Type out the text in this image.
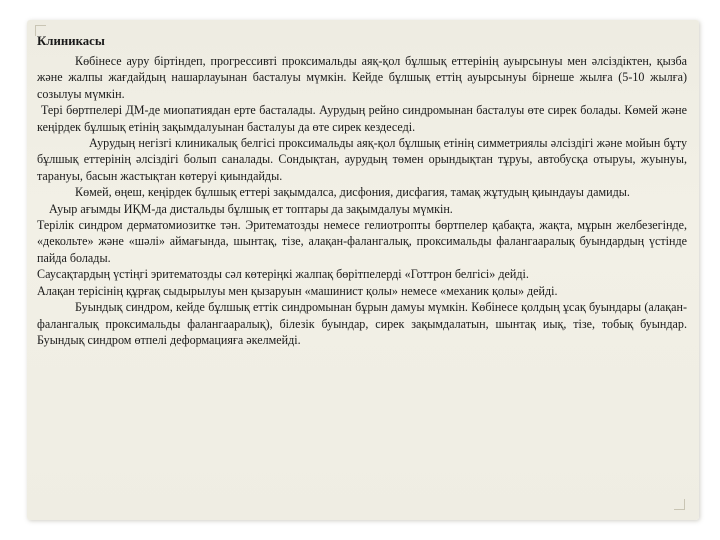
Клиникасы

Көбінесе ауру біртіндеп, прогрессивті проксимальды аяқ-қол бұлшық еттерінің ауырсынуы мен әлсіздіктен, қызба және жалпы жағдайдың нашарлауынан басталуы мүмкін. Кейде бұлшық еттің ауырсынуы бірнеше жылға (5-10 жылға) созылуы мүмкін.

Тері бөртпелері ДМ-де миопатиядан ерте басталады. Аурудың рейно синдромынан басталуы өте сирек болады. Көмей және кеңірдек бұлшық етінің зақымдалуынан басталуы да өте сирек кездеседі.

Аурудың негізгі клиникалық белгісі проксимальды аяқ-қол бұлшық етінің симметриялы әлсіздігі және мойын бұту бұлшық еттерінің әлсіздігі болып саналады. Сондықтан, аурудың төмен орындықтан тұруы, автобусқа отыруы, жуынуы, тарануы, басын жастықтан көтеруі қиындайды.

Көмей, өңеш, кеңірдек бұлшық еттері зақымдалса, дисфония, дисфагия, тамақ жұтудың қиындауы дамиды.

Ауыр ағымды ИҚМ-да дистальды бұлшық ет топтары да зақымдалуы мүмкін.

Терілік синдром дерматомиозитке тән. Эритематозды немесе гелиотропты бөртпелер қабақта, жақта, мұрын желбезегінде, «декольте» және «шәлі» аймағында, шынтақ, тізе, алақан-фалангалық, проксимальды фалангааралық буындардың үстінде пайда болады.

Саусақтардың үстіңгі эритематозды сәл көтеріңкі жалпақ бөрітпелерді «Готтрон белгісі» дейді.

Алақан терісінің құрғақ сыдырылуы мен қызаруын «машинист қолы» немесе «механик қолы» дейді.

Буындық синдром, кейде бұлшық еттік синдромынан бұрын дамуы мүмкін. Көбінесе қолдың ұсақ буындары (алақан-фалангалық проксимальды фалангааралық), білезік буындар, сирек зақымдалатын, шынтақ иық, тізе, тобық буындар. Буындық синдром өтпелі деформацияға әкелмейді.
